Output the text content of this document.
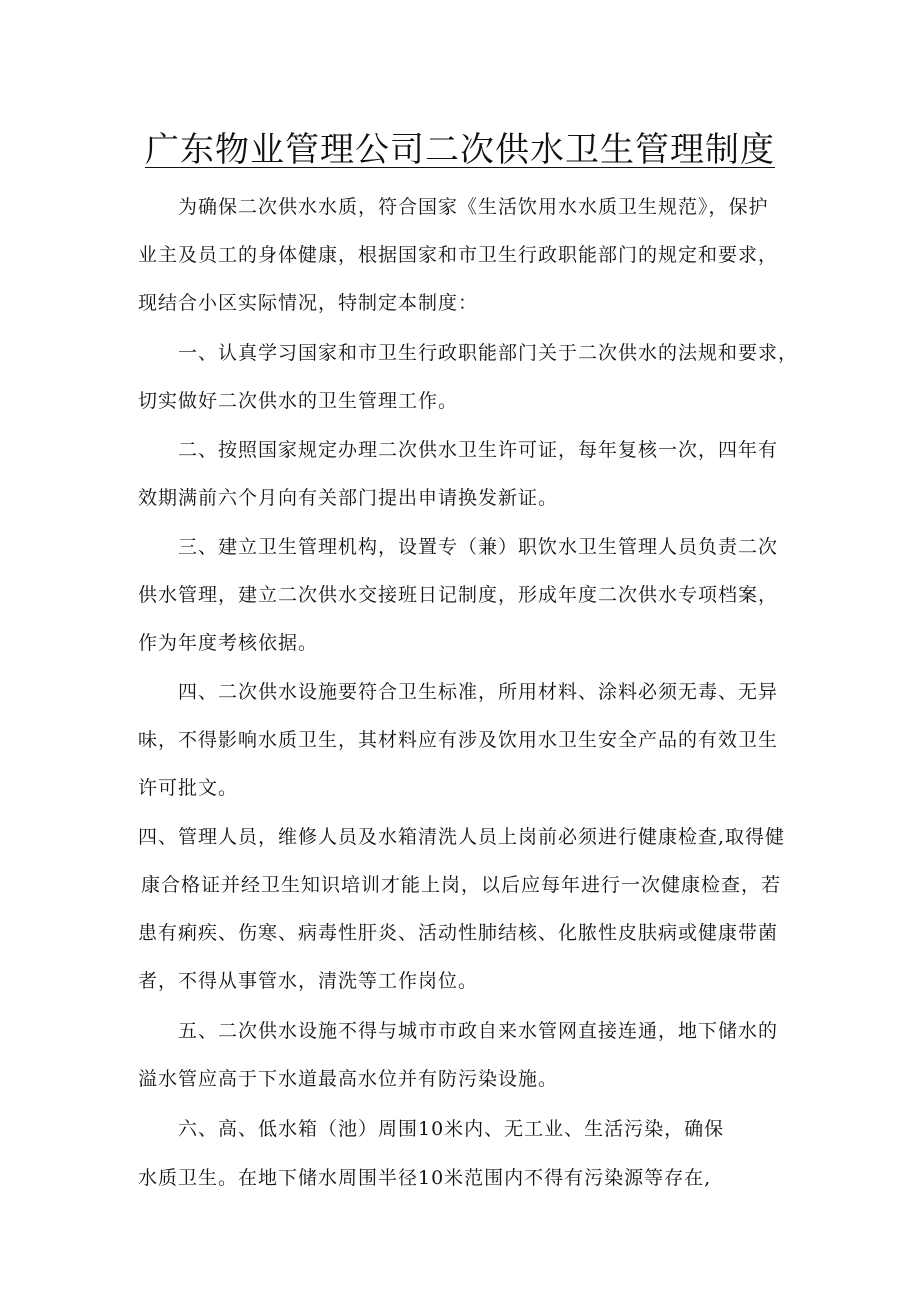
广东物业管理公司二次供水卫生管理制度

为确保二次供水水质，符合国家《生活饮用水水质卫生规范》，保护

业主及员工的身体健康，根据国家和市卫生行政职能部门的规定和要求，

现结合小区实际情况，特制定本制度：

一、认真学习国家和市卫生行政职能部门关于二次供水的法规和要求，

切实做好二次供水的卫生管理工作。

二、按照国家规定办理二次供水卫生许可证，每年复核一次，四年有

效期满前六个月向有关部门提出申请换发新证。

三、建立卫生管理机构，设置专（兼）职饮水卫生管理人员负责二次

供水管理，建立二次供水交接班日记制度，形成年度二次供水专项档案，

作为年度考核依据。

四、二次供水设施要符合卫生标准，所用材料、涂料必须无毒、无异

味，不得影响水质卫生，其材料应有涉及饮用水卫生安全产品的有效卫生

许可批文。

四、管理人员，维修人员及水箱清洗人员上岗前必须进行健康检查,取得健

康合格证并经卫生知识培训才能上岗，以后应每年进行一次健康检查，若

患有痢疾、伤寒、病毒性肝炎、活动性肺结核、化脓性皮肤病或健康带菌

者，不得从事管水，清洗等工作岗位。

五、二次供水设施不得与城市市政自来水管网直接连通，地下储水的

溢水管应高于下水道最高水位并有防污染设施。

六、高、低水箱（池）周围10米内、无工业、生活污染，确保

水质卫生。在地下储水周围半径10米范围内不得有污染源等存在,
